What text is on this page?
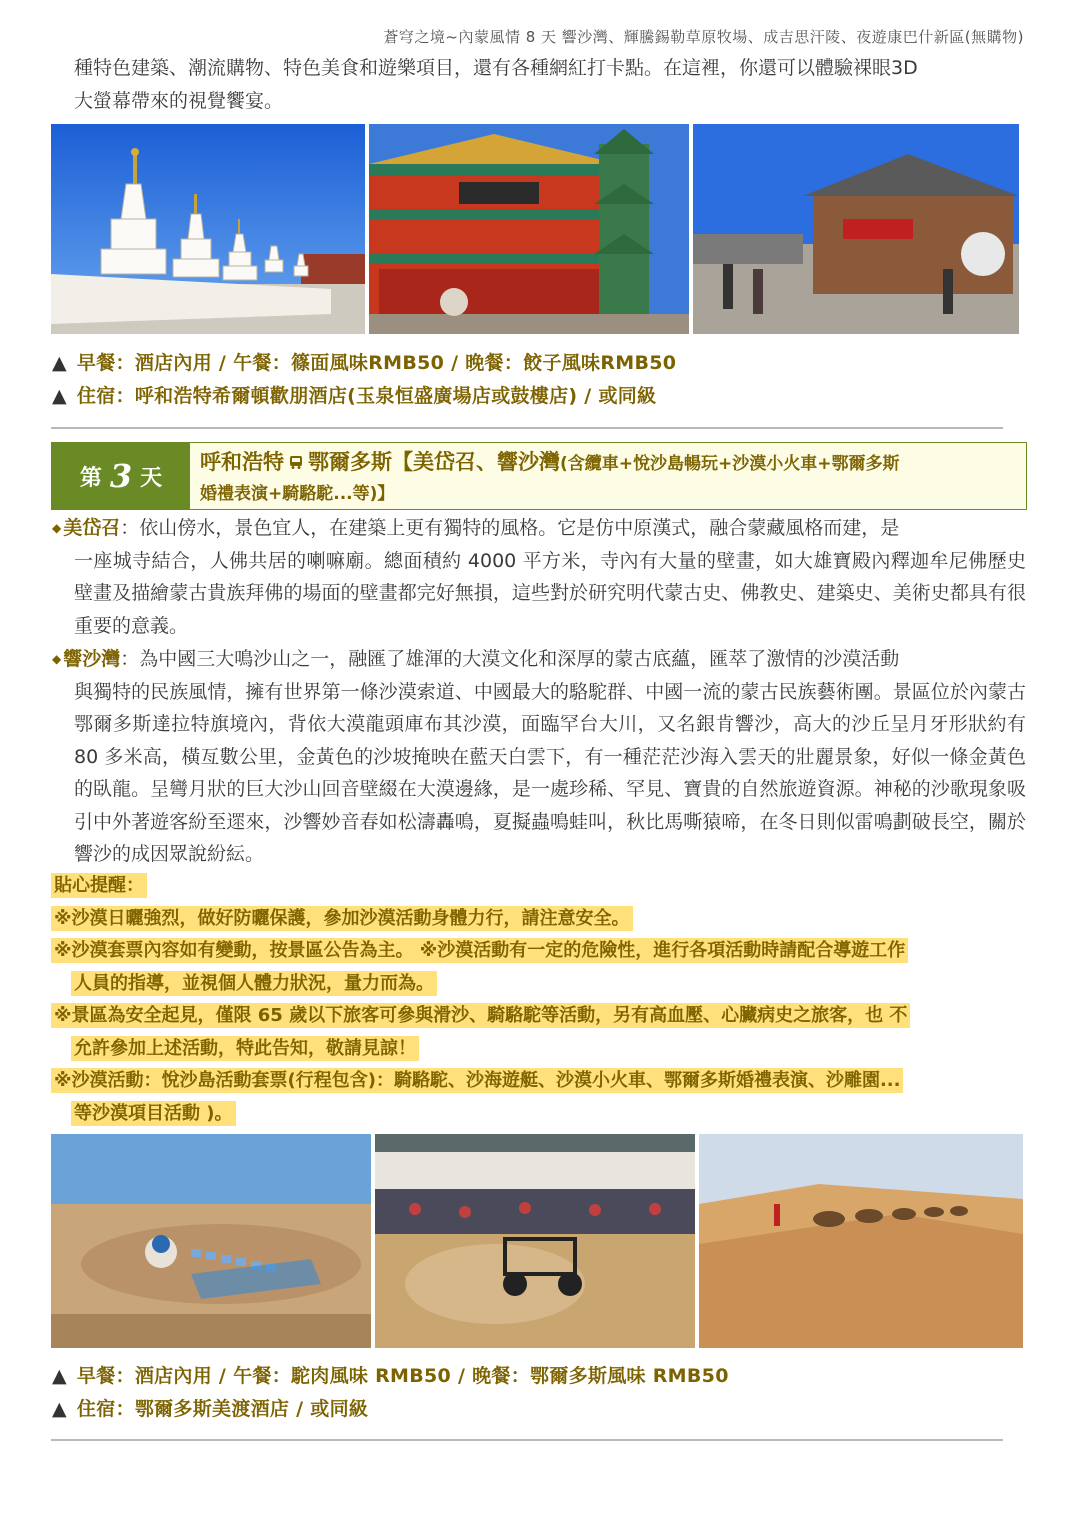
蒼穹之境~內蒙風情 8 天 響沙灣、輝騰錫勒草原牧場、成吉思汗陵、夜遊康巴什新區(無購物)
種特色建築、潮流購物、特色美食和遊樂項目，還有各種網紅打卡點。在這裡，你還可以體驗裸眼3D
大螢幕帶來的視覺饗宴。
▲ 早餐：酒店內用 / 午餐：篠面風味RMB50 / 晚餐：餃子風味RMB50
▲ 住宿：呼和浩特希爾頓歡朋酒店(玉泉恒盛廣場店或鼓樓店) / 或同級
第 3 天
呼和浩特 鄂爾多斯【美岱召、響沙灣(含纜車+悅沙島暢玩+沙漠小火車+鄂爾多斯
婚禮表演+騎駱駝...等)】
◆ 美岱召：依山傍水，景色宜人，在建築上更有獨特的風格。它是仿中原漢式，融合蒙藏風格而建，是
一座城寺結合，人佛共居的喇嘛廟。總面積約 4000 平方米，寺內有大量的壁畫，如大雄寶殿內釋迦牟尼佛歷史壁畫及描繪蒙古貴族拜佛的場面的壁畫都完好無損，這些對於研究明代蒙古史、佛教史、建築史、美術史都具有很重要的意義。
◆ 響沙灣：為中國三大鳴沙山之一，融匯了雄渾的大漠文化和深厚的蒙古底蘊，匯萃了激情的沙漠活動
與獨特的民族風情，擁有世界第一條沙漠索道、中國最大的駱駝群、中國一流的蒙古民族藝術團。景區位於內蒙古鄂爾多斯達拉特旗境內，背依大漠龍頭庫布其沙漠，面臨罕台大川，又名銀肯響沙，高大的沙丘呈月牙形狀約有 80 多米高，橫亙數公里，金黃色的沙坡掩映在藍天白雲下，有一種茫茫沙海入雲天的壯麗景象，好似一條金黃色的臥龍。呈彎月狀的巨大沙山回音壁綴在大漠邊緣，是一處珍稀、罕見、寶貴的自然旅遊資源。神秘的沙歌現象吸引中外著遊客紛至遝來，沙響妙音春如松濤轟鳴，夏擬蟲鳴蛙叫，秋比馬嘶猿啼，在冬日則似雷鳴劃破長空，關於響沙的成因眾說紛紜。
貼心提醒：
※沙漠日曬強烈，做好防曬保護，參加沙漠活動身體力行，請注意安全。
※沙漠套票內容如有變動，按景區公告為主。 ※沙漠活動有一定的危險性，進行各項活動時請配合導遊工作
人員的指導，並視個人體力狀況，量力而為。
※景區為安全起見，僅限 65 歲以下旅客可參與滑沙、騎駱駝等活動，另有高血壓、心臟病史之旅客，也 不
允許參加上述活動，特此告知，敬請見諒！
※沙漠活動：悅沙島活動套票(行程包含)：騎駱駝、沙海遊艇、沙漠小火車、鄂爾多斯婚禮表演、沙雕園...
等沙漠項目活動 )。
▲ 早餐：酒店內用 / 午餐：駝肉風味 RMB50 / 晚餐：鄂爾多斯風味 RMB50
▲ 住宿：鄂爾多斯美渡酒店 / 或同級
